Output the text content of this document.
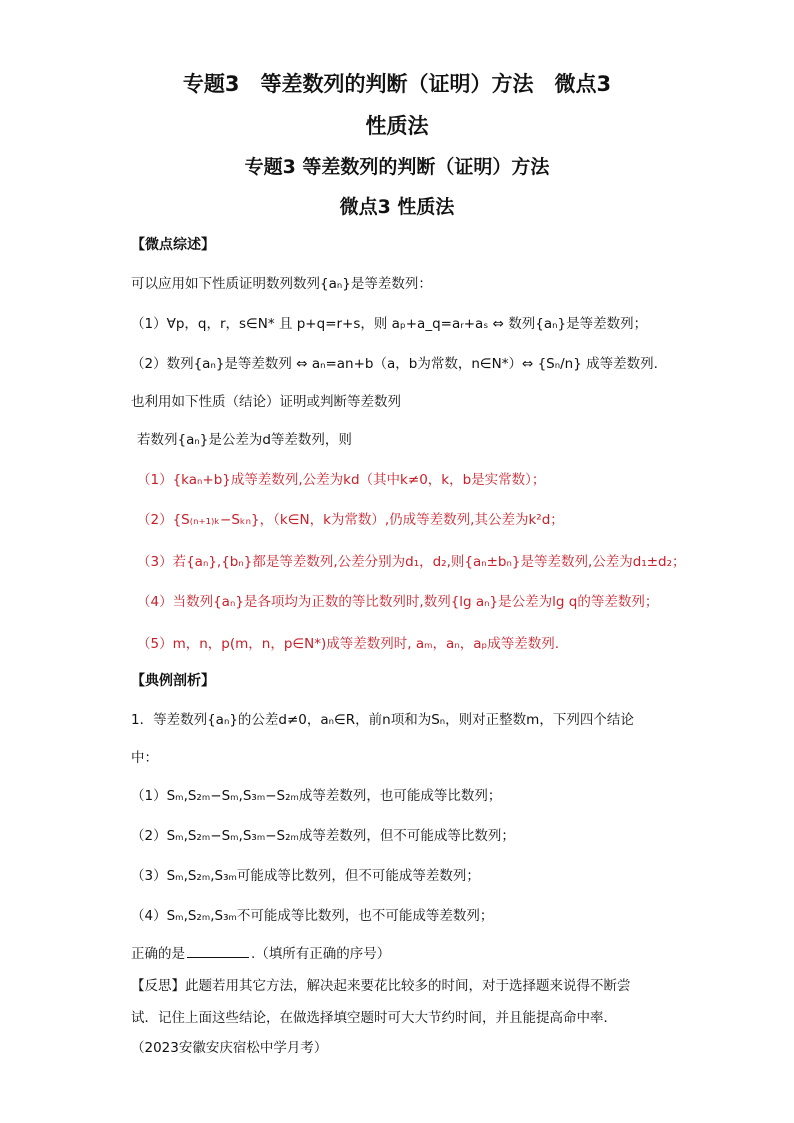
专题3　等差数列的判断（证明）方法　微点3
性质法
专题3 等差数列的判断（证明）方法
微点3 性质法
【微点综述】
可以应用如下性质证明数列数列{aₙ}是等差数列：
（1）∀p，q，r，s∈N* 且 p+q=r+s，则 aₚ+a_q=aᵣ+aₛ ⇔ 数列{aₙ}是等差数列；
（2）数列{aₙ}是等差数列 ⇔ aₙ=an+b（a，b为常数，n∈N*）⇔ {Sₙ/n} 成等差数列.
也利用如下性质（结论）证明或判断等差数列
若数列{aₙ}是公差为d等差数列，则
（1）{kaₙ+b}成等差数列,公差为kd（其中k≠0，k，b是实常数）；
（2）{S₍ₙ₊₁₎ₖ−Sₖₙ}，（k∈N，k为常数）,仍成等差数列,其公差为k²d；
（3）若{aₙ},{bₙ}都是等差数列,公差分别为d₁，d₂,则{aₙ±bₙ}是等差数列,公差为d₁±d₂；
（4）当数列{aₙ}是各项均为正数的等比数列时,数列{lg aₙ}是公差为lg q的等差数列；
（5）m，n，p(m，n，p∈N*)成等差数列时, aₘ，aₙ，aₚ成等差数列.
【典例剖析】
1．等差数列{aₙ}的公差d≠0，aₙ∈R，前n项和为Sₙ，则对正整数m，下列四个结论
中：
（1）Sₘ,S₂ₘ−Sₘ,S₃ₘ−S₂ₘ成等差数列，也可能成等比数列；
（2）Sₘ,S₂ₘ−Sₘ,S₃ₘ−S₂ₘ成等差数列，但不可能成等比数列；
（3）Sₘ,S₂ₘ,S₃ₘ可能成等比数列，但不可能成等差数列；
（4）Sₘ,S₂ₘ,S₃ₘ不可能成等比数列，也不可能成等差数列；
正确的是	.（填所有正确的序号）
【反思】此题若用其它方法，解决起来要花比较多的时间，对于选择题来说得不断尝
试．记住上面这些结论，在做选择填空题时可大大节约时间，并且能提高命中率．
（2023安徽安庆宿松中学月考）
